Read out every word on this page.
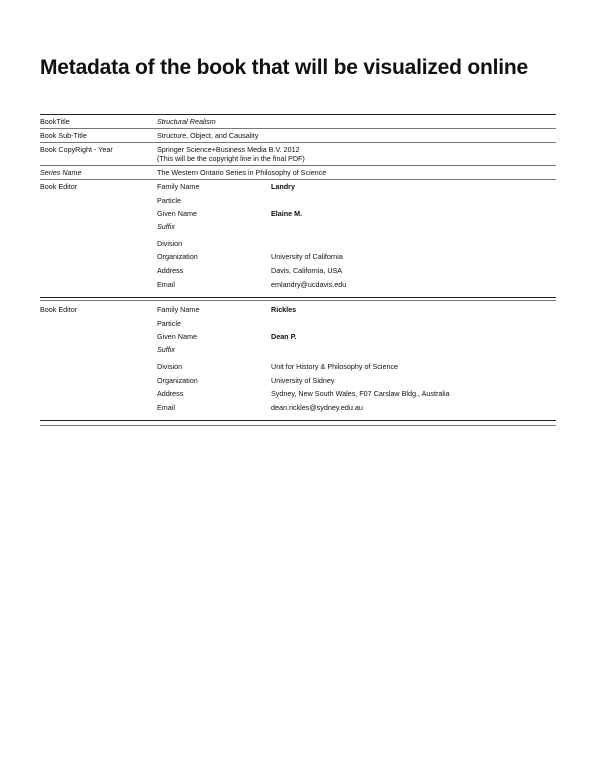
Metadata of the book that will be visualized online
BookTitle	Structural Realism
Book Sub-Title	Structure, Object, and Causality
Book CopyRight - Year	Springer Science+Business Media B.V. 2012
(This will be the copyright line in the final PDF)
Series Name	The Western Ontario Series in Philosophy of Science
Book Editor	Family Name	Landry
Particle
Given Name	Elaine M.
Suffix
Division
Organization	University of California
Address	Davis, California, USA
Email	emlandry@ucdavis.edu
Book Editor	Family Name	Rickles
Particle
Given Name	Dean P.
Suffix
Division	Unit for History & Philosophy of Science
Organization	University of Sidney
Address	Sydney, New South Wales, F07 Carslaw Bldg., Australia
Email	dean.rickles@sydney.edu.au
